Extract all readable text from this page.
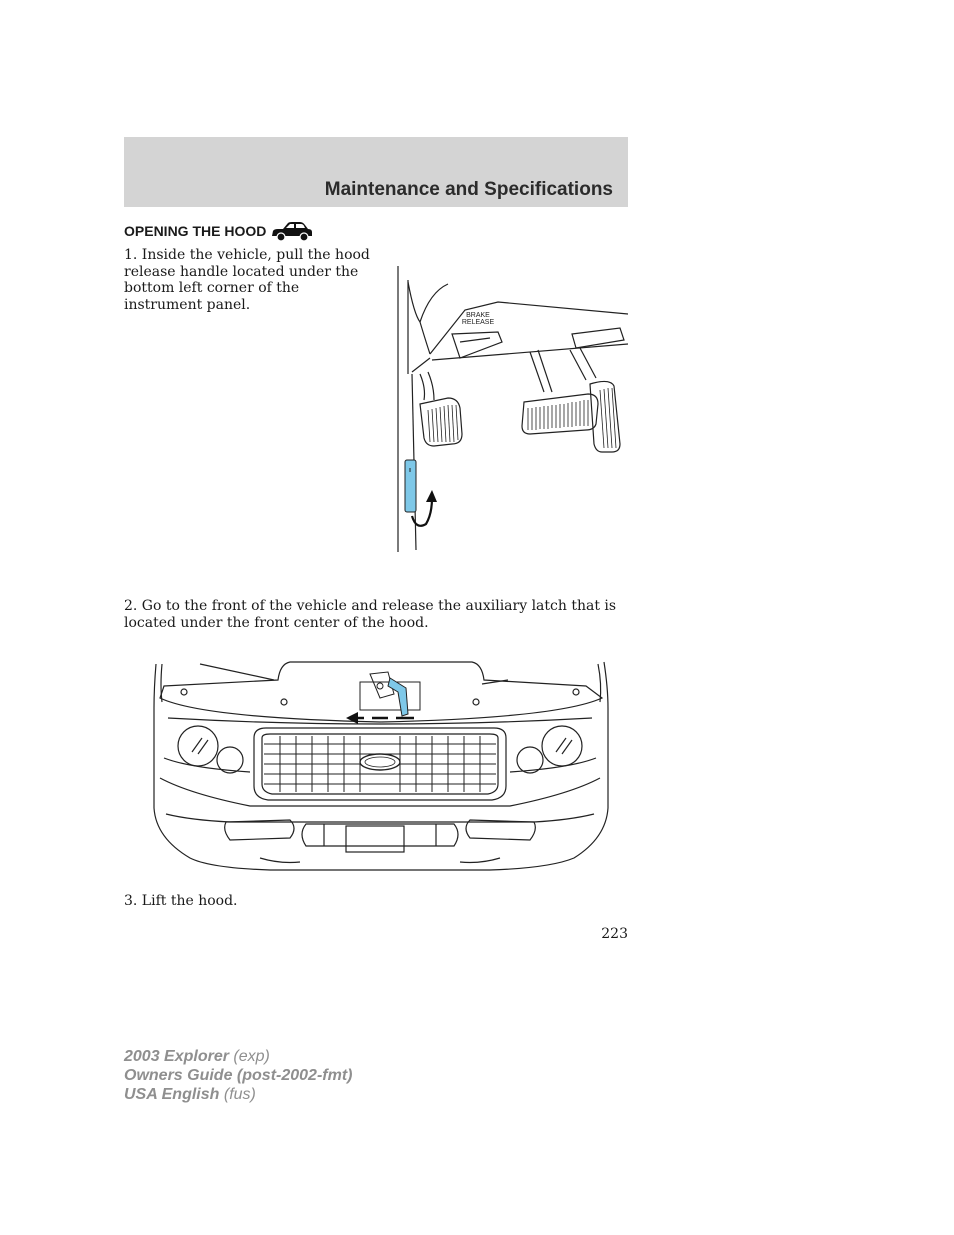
Maintenance and Specifications
OPENING THE HOOD
1. Inside the vehicle, pull the hood release handle located under the bottom left corner of the instrument panel.
BRAKE
RELEASE
2. Go to the front of the vehicle and release the auxiliary latch that is located under the front center of the hood.
3. Lift the hood.
223
2003 Explorer (exp)
Owners Guide (post-2002-fmt)
USA English (fus)
